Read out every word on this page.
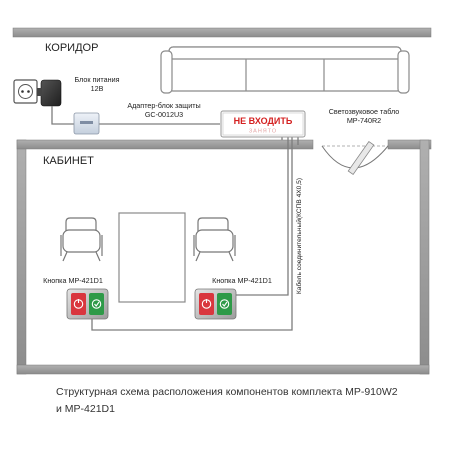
КОРИДОР
КАБИНЕТ
Блок питания
12В
Адаптер-блок защиты
GC-0012U3
НЕ ВХОДИТЬ
ЗАНЯТО
Светозвуковое табло
MP-740R2
Кнопка MP-421D1	Кнопка MP-421D1	Кабель соединительный(КСПВ 4Х0,5)
Структурная схема расположения компонентов комплекта MP-910W2
и MP-421D1
